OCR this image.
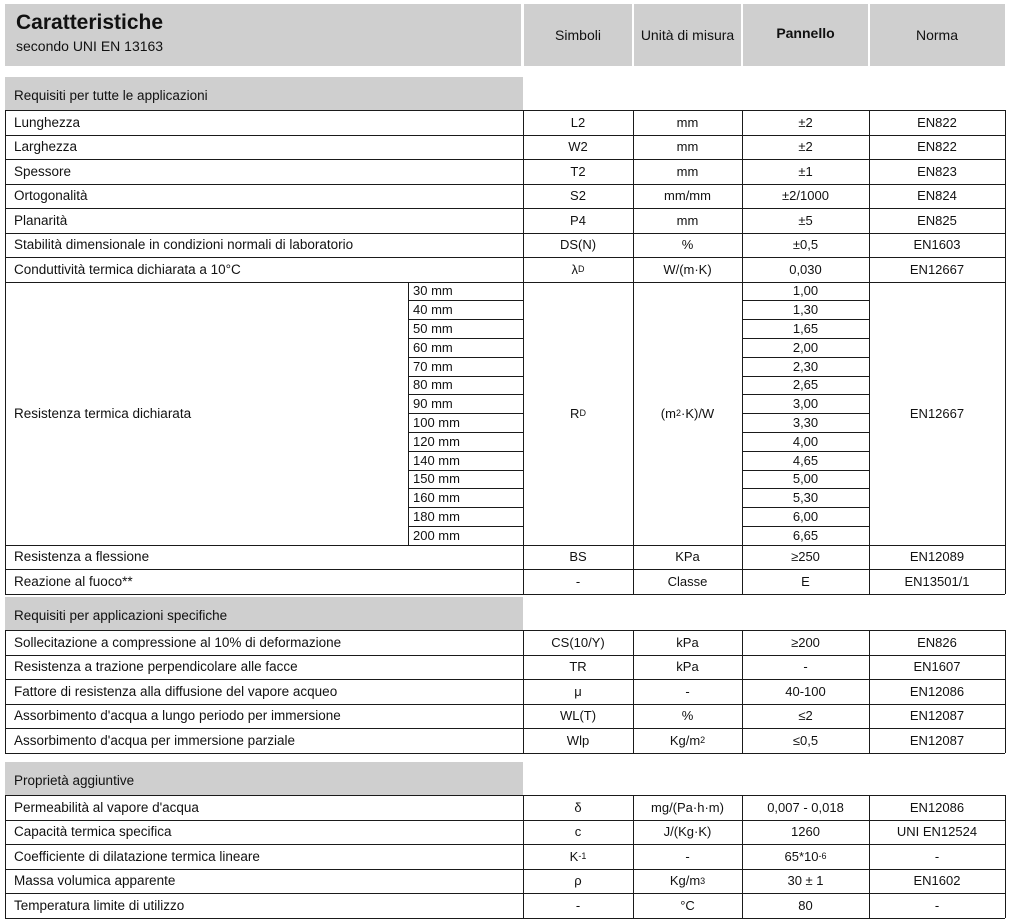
Caratteristiche
secondo UNI EN 13163
Simboli	Unità di misura	Pannello	Norma
Requisiti per tutte le applicazioni
Lunghezza	L2	mm	±2	EN822
Larghezza	W2	mm	±2	EN822
Spessore	T2	mm	±1	EN823
Ortogonalità	S2	mm/mm	±2/1000	EN824
Planarità	P4	mm	±5	EN825
Stabilità dimensionale in condizioni normali di laboratorio	DS(N)	%	±0,5	EN1603
Conduttività termica dichiarata a 10°C	λ D	W/(m·K)	0,030	EN12667
Resistenza termica dichiarata	R D	(m 2 ·K)/W	EN12667
30 mm	1,00
40 mm	1,30
50 mm	1,65
60 mm	2,00
70 mm	2,30
80 mm	2,65
90 mm	3,00
100 mm	3,30
120 mm	4,00
140 mm	4,65
150 mm	5,00
160 mm	5,30
180 mm	6,00
200 mm	6,65
Resistenza a flessione	BS	KPa	≥250	EN12089
Reazione al fuoco**	-	Classe	E	EN13501/1
Requisiti per applicazioni specifiche
Sollecitazione a compressione al 10% di deformazione	CS(10/Y)	kPa	≥200	EN826
Resistenza a trazione perpendicolare alle facce	TR	kPa	-	EN1607
Fattore di resistenza alla diffusione del vapore acqueo	μ	-	40-100	EN12086
Assorbimento d'acqua a lungo periodo per immersione	WL(T)	%	≤2	EN12087
Assorbimento d'acqua per immersione parziale	Wlp	Kg/m 2	≤0,5	EN12087
Proprietà aggiuntive
Permeabilità al vapore d'acqua	δ	mg/(Pa·h·m)	0,007 - 0,018	EN12086
Capacità termica specifica	c	J/(Kg·K)	1260	UNI EN12524
Coefficiente di dilatazione termica lineare	K -1	-	65*10 -6	-
Massa volumica apparente	ρ	Kg/m 3	30 ± 1	EN1602
Temperatura limite di utilizzo	-	°C	80	-
